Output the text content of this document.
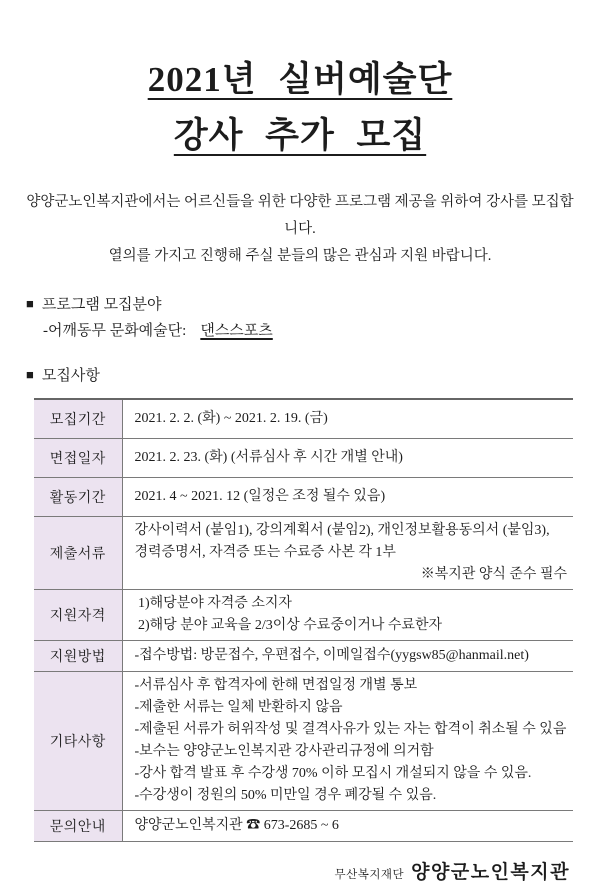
2021년 실버예술단
강사 추가 모집
양양군노인복지관에서는 어르신들을 위한 다양한 프로그램 제공을 위하여 강사를 모집합니다.
열의를 가지고 진행해 주실 분들의 많은 관심과 지원 바랍니다.
■ 프로그램 모집분야
-어깨동무 문화예술단: 댄스스포츠
■ 모집사항
모집기간	2021. 2. 2. (화) ~ 2021. 2. 19. (금)

면접일자	2021. 2. 23. (화) (서류심사 후 시간 개별 안내)

활동기간	2021. 4 ~ 2021. 12 (일정은 조정 될수 있음)

제출서류	강사이력서 (붙임1), 강의계획서 (붙임2), 개인정보활용동의서 (붙임3),
경력증명서, 자격증 또는 수료증 사본 각 1부
※복지관 양식 준수 필수

지원자격	1)해당분야 자격증 소지자
2)해당 분야 교육을 2/3이상 수료중이거나 수료한자

지원방법	-접수방법: 방문접수, 우편접수, 이메일접수(yygsw85@hanmail.net)

기타사항	
-서류심사 후 합격자에 한해 면접일정 개별 통보
-제출한 서류는 일체 반환하지 않음
-제출된 서류가 허위작성 및 결격사유가 있는 자는 합격이 취소될 수 있음
-보수는 양양군노인복지관 강사관리규정에 의거함
-강사 합격 발표 후 수강생 70% 이하 모집시 개설되지 않을 수 있음.
-수강생이 정원의 50% 미만일 경우 폐강될 수 있음.

문의안내	양양군노인복지관 ☎ 673-2685 ~ 6
무산복지재단 양양군노인복지관
